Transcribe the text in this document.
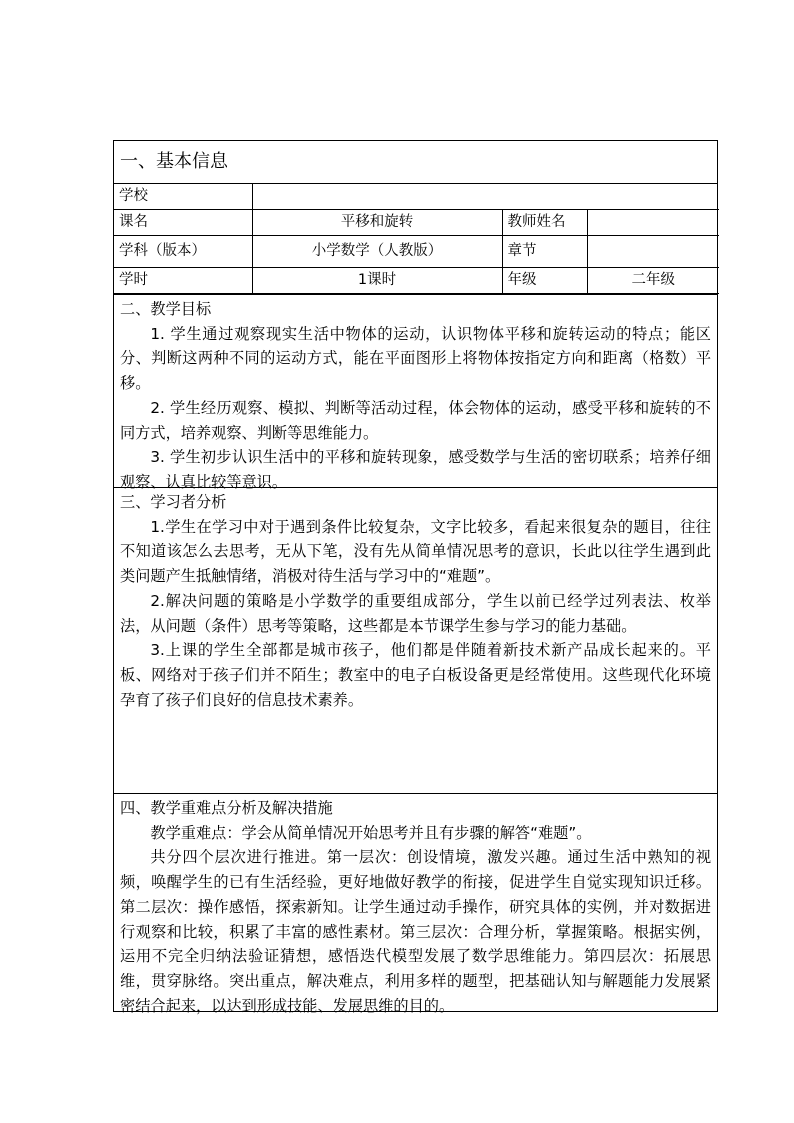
一、基本信息
学校			
课名	平移和旋转	教师姓名	
学科（版本）	小学数学（人教版）	章节	
学时	1课时	年级	二年级
二、教学目标

1. 学生通过观察现实生活中物体的运动，认识物体平移和旋转运动的特点；能区分、判断这两种不同的运动方式，能在平面图形上将物体按指定方向和距离（格数）平移。

2. 学生经历观察、模拟、判断等活动过程，体会物体的运动，感受平移和旋转的不同方式，培养观察、判断等思维能力。

3. 学生初步认识生活中的平移和旋转现象，感受数学与生活的密切联系；培养仔细观察、认真比较等意识。

三、学习者分析

1.学生在学习中对于遇到条件比较复杂，文字比较多，看起来很复杂的题目，往往不知道该怎么去思考，无从下笔，没有先从简单情况思考的意识，长此以往学生遇到此类问题产生抵触情绪，消极对待生活与学习中的“难题”。

2.解决问题的策略是小学数学的重要组成部分，学生以前已经学过列表法、枚举法，从问题（条件）思考等策略，这些都是本节课学生参与学习的能力基础。

3.上课的学生全部都是城市孩子，他们都是伴随着新技术新产品成长起来的。平板、网络对于孩子们并不陌生；教室中的电子白板设备更是经常使用。这些现代化环境孕育了孩子们良好的信息技术素养。

四、教学重难点分析及解决措施

教学重难点：学会从简单情况开始思考并且有步骤的解答“难题”。

共分四个层次进行推进。第一层次：创设情境，激发兴趣。通过生活中熟知的视频，唤醒学生的已有生活经验，更好地做好教学的衔接，促进学生自觉实现知识迁移。第二层次：操作感悟，探索新知。让学生通过动手操作，研究具体的实例，并对数据进行观察和比较，积累了丰富的感性素材。第三层次：合理分析，掌握策略。根据实例，运用不完全归纳法验证猜想，感悟迭代模型发展了数学思维能力。第四层次：拓展思维，贯穿脉络。突出重点，解决难点，利用多样的题型，把基础认知与解题能力发展紧密结合起来，以达到形成技能、发展思维的目的。
